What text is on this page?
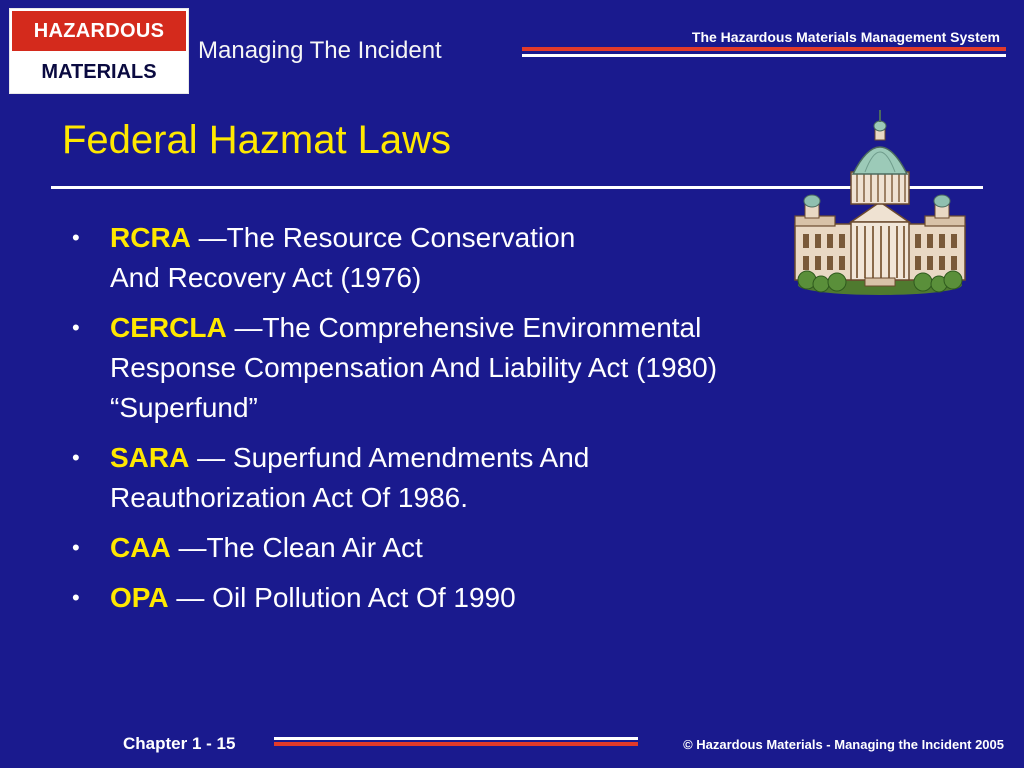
HAZARDOUS
MATERIALS
Managing The Incident	The Hazardous Materials Management System
Federal Hazmat Laws
• RCRA —The Resource Conservation
And Recovery Act (1976)
• CERCLA —The Comprehensive Environmental
Response Compensation And Liability Act (1980)
“Superfund”
• SARA — Superfund Amendments And
Reauthorization Act Of 1986.
• CAA —The Clean Air Act
• OPA — Oil Pollution Act Of 1990
Chapter 1 - 15	© Hazardous Materials - Managing the Incident 2005
